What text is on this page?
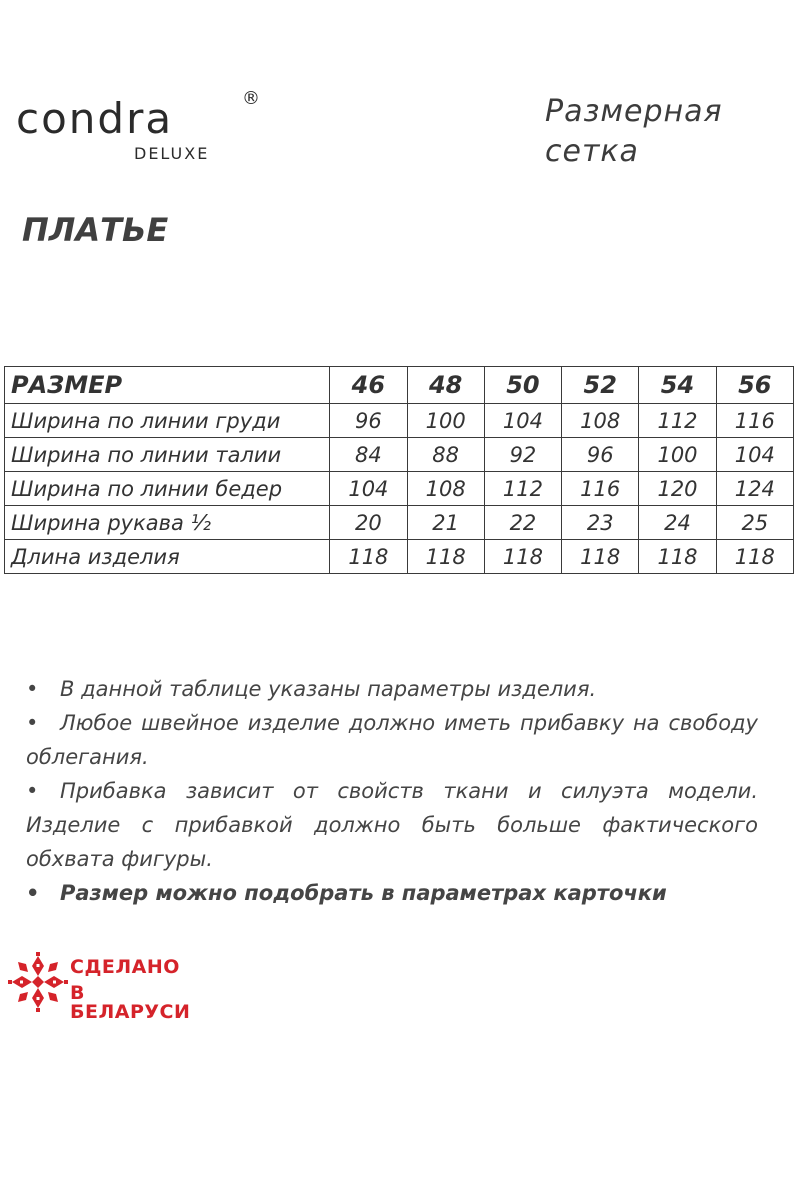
condra	®
DELUXE
Размерная
сетка
ПЛАТЬЕ
РАЗМЕР	46	48	50	52	54	56
Ширина по линии груди	96	100	104	108	112	116
Ширина по линии талии	84	88	92	96	100	104
Ширина по линии бедер	104	108	112	116	120	124
Ширина рукава ½	20	21	22	23	24	25
Длина изделия	118	118	118	118	118	118

• В данной таблице указаны параметры изделия.

• Любое швейное изделие должно иметь прибавку на свободу облегания.

• Прибавка зависит от свойств ткани и силуэта модели. Изделие с прибавкой должно быть больше фактического обхвата фигуры.

• Размер можно подобрать в параметрах карточки

СДЕЛАНО
В БЕЛАРУСИ
